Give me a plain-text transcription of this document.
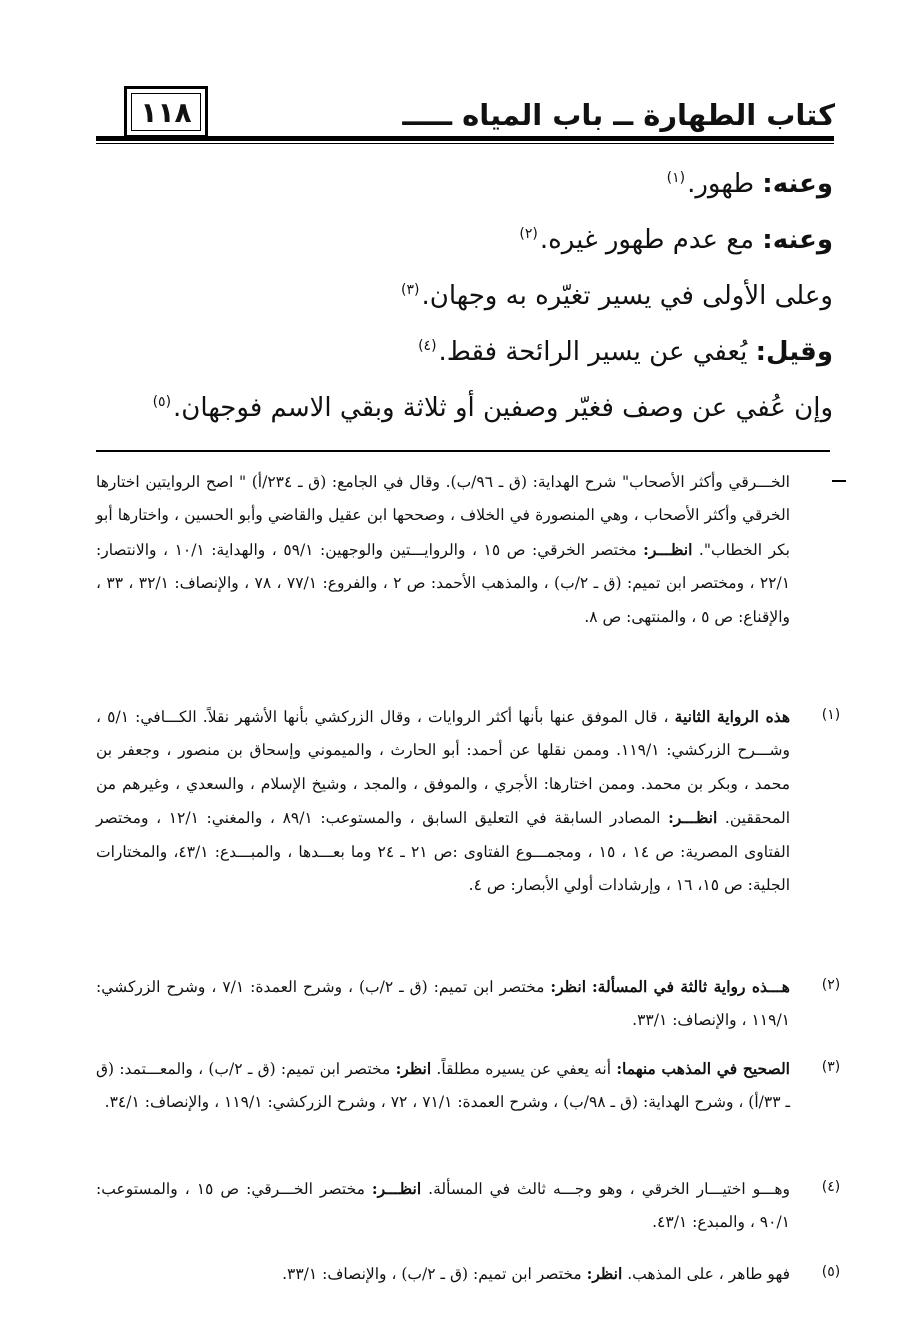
١١٨	كتاب الطهارة ــ باب المياه ـــــ
وعنه: طهور.$^{(١)}$
وعنه: مع عدم طهور غيره.$^{(٢)}$
وعلى الأولى في يسير تغيّره به وجهان.$^{(٣)}$
وقيل: يُعفي عن يسير الرائحة فقط.$^{(٤)}$
وإن عُفي عن وصف فغيّر وصفين أو ثلاثة وبقي الاسم فوجهان.$^{(٥)}$
الخـــرقي وأكثر الأصحاب" شرح الهداية: (ق ـ ٩٦/ب). وقال في الجامع: (ق ـ ٢٣٤/أ) " اصح الروايتين اختارها الخرقي وأكثر الأصحاب ، وهي المنصورة في الخلاف ، وصححها ابن عقيل والقاضي وأبو الحسين ، واختارها أبو بكر الخطاب". انظـــر: مختصر الخرقي: ص ١٥ ، والروايـــتين والوجهين: ٥٩/١ ، والهداية: ١٠/١ ، والانتصار: ٢٢/١ ، ومختصر ابن تميم: (ق ـ ٢/ب) ، والمذهب الأحمد: ص ٢ ، والفروع: ٧٧/١ ، ٧٨ ، والإنصاف: ٣٢/١ ، ٣٣ ، والإقناع: ص ٥ ، والمنتهى: ص ٨.
(١)
هذه الرواية الثانية ، قال الموفق عنها بأنها أكثر الروايات ، وقال الزركشي بأنها الأشهر نقلاً. الكـــافي: ٥/١ ، وشـــرح الزركشي: ١١٩/١. وممن نقلها عن أحمد: أبو الحارث ، والميموني وإسحاق بن منصور ، وجعفر بن محمد ، وبكر بن محمد. وممن اختارها: الأجري ، والموفق ، والمجد ، وشيخ الإسلام ، والسعدي ، وغيرهم من المحققين. انظـــر: المصادر السابقة في التعليق السابق ، والمستوعب: ٨٩/١ ، والمغني: ١٢/١ ، ومختصر الفتاوى المصرية: ص ١٤ ، ١٥ ، ومجمـــوع الفتاوى :ص ٢١ ـ ٢٤ وما بعـــدها ، والمبـــدع: ٤٣/١، والمختارات الجلية: ص ١٥، ١٦ ، وإرشادات أولي الأبصار: ص ٤.
(٢)
هـــذه رواية ثالثة في المسألة: انظر: مختصر ابن تميم: (ق ـ ٢/ب) ، وشرح العمدة: ٧/١ ، وشرح الزركشي: ١١٩/١ ، والإنصاف: ٣٣/١.
(٣)
الصحيح في المذهب منهما: أنه يعفي عن يسيره مطلقاً. انظر: مختصر ابن تميم: (ق ـ ٢/ب) ، والمعـــتمد: (ق ـ ٣٣/أ) ، وشرح الهداية: (ق ـ ٩٨/ب) ، وشرح العمدة: ٧١/١ ، ٧٢ ، وشرح الزركشي: ١١٩/١ ، والإنصاف: ٣٤/١.
(٤)
وهـــو اختيـــار الخرقي ، وهو وجـــه ثالث في المسألة. انظـــر: مختصر الخـــرقي: ص ١٥ ، والمستوعب: ٩٠/١ ، والمبدع: ٤٣/١.
(٥)
فهو طاهر ، على المذهب. انظر: مختصر ابن تميم: (ق ـ ٢/ب) ، والإنصاف: ٣٣/١.
